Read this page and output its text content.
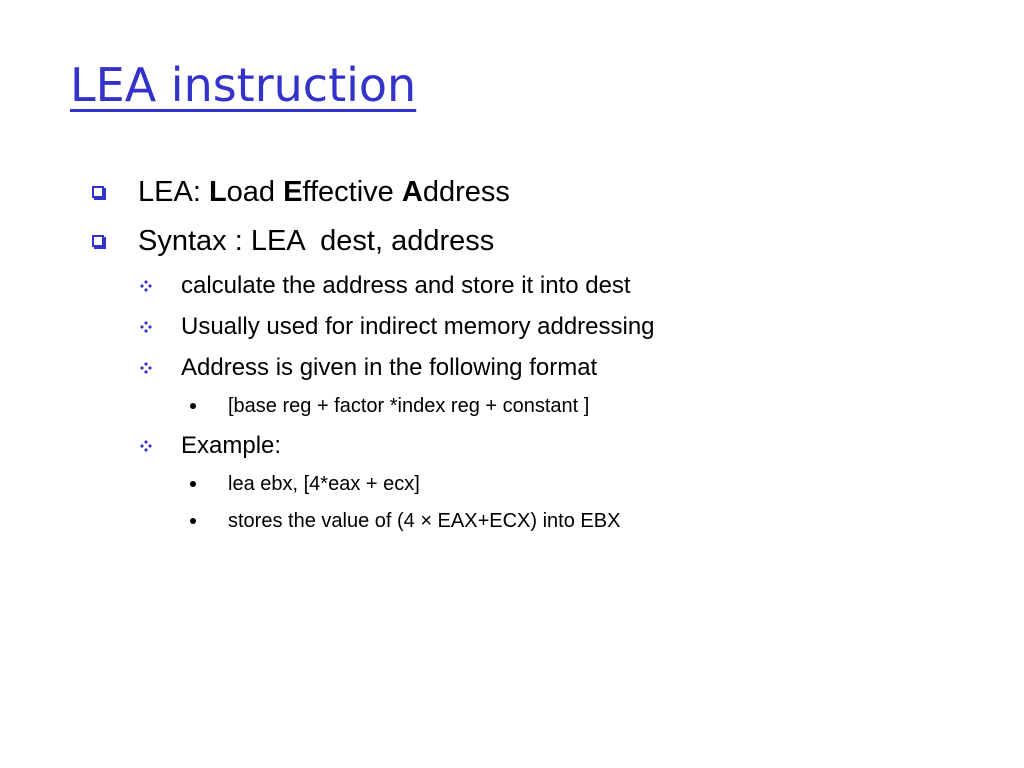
LEA instruction
LEA: Load Effective Address
Syntax : LEA  dest, address
calculate the address and store it into dest
Usually used for indirect memory addressing
Address is given in the following format
[base reg + factor *index reg + constant ]
Example:
lea ebx, [4*eax + ecx]
stores the value of (4 × EAX+ECX) into EBX
